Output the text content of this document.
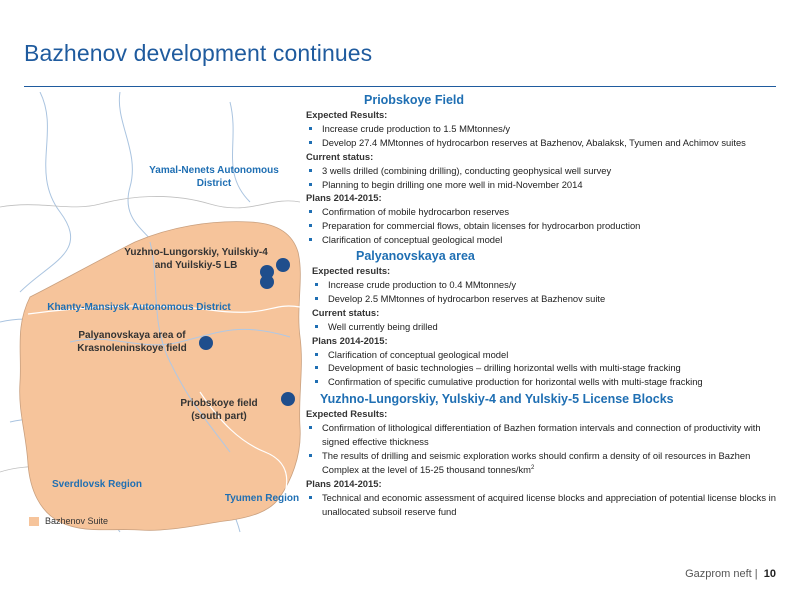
Bazhenov development continues
Yamal-Nenets Autonomous District
Yuzhno-Lungorskiy, Yuilskiy-4 and Yuilskiy-5 LB
Khanty-Mansiysk Autonomous District
Palyanovskaya area of Krasnoleninskoye field
Priobskoye field (south part)
Sverdlovsk Region
Tyumen Region
Bazhenov Suite
Priobskoye Field
Expected Results:
Increase crude production to 1.5 MMtonnes/y
Develop 27.4 MMtonnes of hydrocarbon reserves at Bazhenov, Abalaksk, Tyumen and Achimov suites
Current status:
3 wells drilled (combining drilling), conducting geophysical well survey
Planning to begin drilling one more well in mid-November 2014
Plans 2014-2015:
Confirmation of mobile hydrocarbon reserves
Preparation for commercial flows, obtain licenses for hydrocarbon production
Clarification of conceptual geological model
Palyanovskaya area
Expected results:
Increase crude production to 0.4 MMtonnes/y
Develop 2.5 MMtonnes of hydrocarbon reserves at Bazhenov suite
Current status:
Well currently being drilled
Plans 2014-2015:
Clarification of conceptual geological model
Development of basic technologies – drilling horizontal wells with multi-stage fracking
Confirmation of specific cumulative production for horizontal wells with multi-stage fracking
Yuzhno-Lungorskiy, Yulskiy-4 and Yulskiy-5 License Blocks
Expected Results:
Confirmation of lithological differentiation of Bazhen formation intervals and connection of productivity with signed effective thickness
The results of drilling and seismic exploration works should confirm a density of oil resources in Bazhen Complex at the level of 15-25 thousand tonnes/$km^2$
Plans 2014-2015:
Technical and economic assessment of acquired license blocks and appreciation of potential license blocks in unallocated subsoil reserve fund
Gazprom neft |  10
